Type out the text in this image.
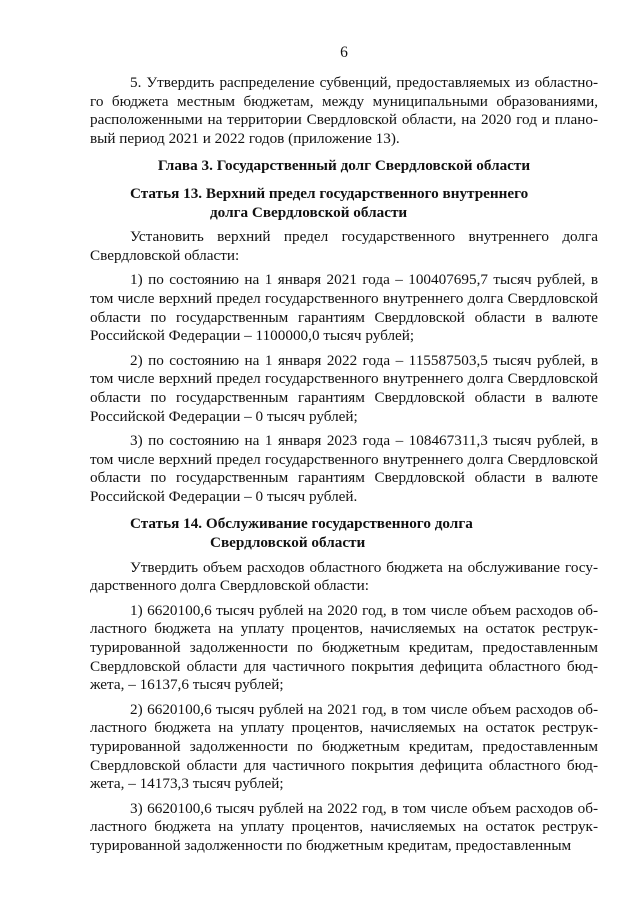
6

5. Утвердить распределение субвенций, предоставляемых из областного бюджета местным бюджетам, между муниципальными образованиями, расположенными на территории Свердловской области, на 2020 год и плановый период 2021 и 2022 годов (приложение 13).

Глава 3. Государственный долг Свердловской области
Статья 13. Верхний предел государственного внутреннего
долга Свердловской области

Установить верхний предел государственного внутреннего долга Свердловской области:

1) по состоянию на 1 января 2021 года – 100407695,7 тысяч рублей, в том числе верхний предел государственного внутреннего долга Свердловской области по государственным гарантиям Свердловской области в валюте Российской Федерации – 1100000,0 тысяч рублей;

2) по состоянию на 1 января 2022 года – 115587503,5 тысяч рублей, в том числе верхний предел государственного внутреннего долга Свердловской области по государственным гарантиям Свердловской области в валюте Российской Федерации – 0 тысяч рублей;

3) по состоянию на 1 января 2023 года – 108467311,3 тысяч рублей, в том числе верхний предел государственного внутреннего долга Свердловской области по государственным гарантиям Свердловской области в валюте Российской Федерации – 0 тысяч рублей.

Статья 14. Обслуживание государственного долга
Свердловской области

Утвердить объем расходов областного бюджета на обслуживание государственного долга Свердловской области:

1) 6620100,6 тысяч рублей на 2020 год, в том числе объем расходов областного бюджета на уплату процентов, начисляемых на остаток реструктурированной задолженности по бюджетным кредитам, предоставленным Свердловской области для частичного покрытия дефицита областного бюджета, – 16137,6 тысяч рублей;

2) 6620100,6 тысяч рублей на 2021 год, в том числе объем расходов областного бюджета на уплату процентов, начисляемых на остаток реструктурированной задолженности по бюджетным кредитам, предоставленным Свердловской области для частичного покрытия дефицита областного бюджета, – 14173,3 тысяч рублей;

3) 6620100,6 тысяч рублей на 2022 год, в том числе объем расходов областного бюджета на уплату процентов, начисляемых на остаток реструктурированной задолженности по бюджетным кредитам, предоставленным
